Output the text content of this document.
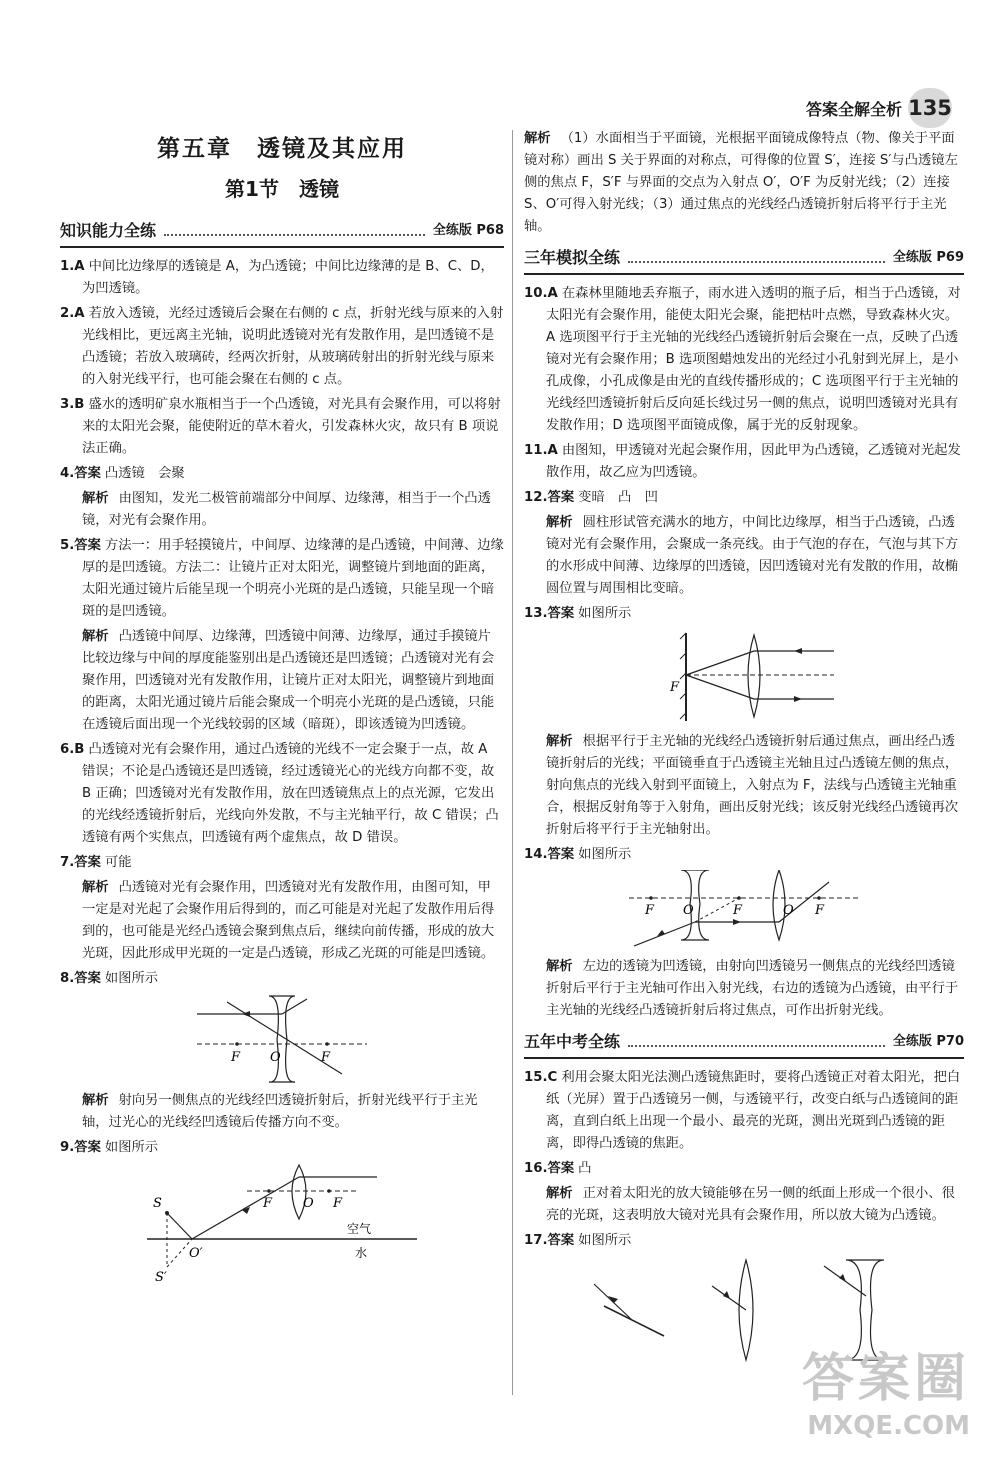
答案全解全析 135
第五章　透镜及其应用
第1节　透镜
知识能力全练	全练版 P68

1.A 中间比边缘厚的透镜是 A，为凸透镜；中间比边缘薄的是 B、C、D，为凹透镜。

2.A 若放入透镜，光经过透镜后会聚在右侧的 c 点，折射光线与原来的入射光线相比，更远离主光轴，说明此透镜对光有发散作用，是凹透镜不是凸透镜；若放入玻璃砖，经两次折射，从玻璃砖射出的折射光线与原来的入射光线平行，也可能会聚在右侧的 c 点。

3.B 盛水的透明矿泉水瓶相当于一个凸透镜，对光具有会聚作用，可以将射来的太阳光会聚，能使附近的草木着火，引发森林火灾，故只有 B 项说法正确。

4.答案 凸透镜　会聚

解析 由图知，发光二极管前端部分中间厚、边缘薄，相当于一个凸透镜，对光有会聚作用。

5.答案 方法一：用手轻摸镜片，中间厚、边缘薄的是凸透镜，中间薄、边缘厚的是凹透镜。方法二：让镜片正对太阳光，调整镜片到地面的距离，太阳光通过镜片后能呈现一个明亮小光斑的是凸透镜，只能呈现一个暗斑的是凹透镜。

解析 凸透镜中间厚、边缘薄，凹透镜中间薄、边缘厚，通过手摸镜片比较边缘与中间的厚度能鉴别出是凸透镜还是凹透镜；凸透镜对光有会聚作用，凹透镜对光有发散作用，让镜片正对太阳光，调整镜片到地面的距离，太阳光通过镜片后能会聚成一个明亮小光斑的是凸透镜，只能在透镜后面出现一个光线较弱的区域（暗斑），即该透镜为凹透镜。

6.B 凸透镜对光有会聚作用，通过凸透镜的光线不一定会聚于一点，故 A 错误；不论是凸透镜还是凹透镜，经过透镜光心的光线方向都不变，故 B 正确；凹透镜对光有发散作用，放在凹透镜焦点上的点光源，它发出的光线经透镜折射后，光线向外发散，不与主光轴平行，故 C 错误；凸透镜有两个实焦点，凹透镜有两个虚焦点，故 D 错误。

7.答案 可能

解析 凸透镜对光有会聚作用，凹透镜对光有发散作用，由图可知，甲一定是对光起了会聚作用后得到的，而乙可能是对光起了发散作用后得到的，也可能是光经凸透镜会聚到焦点后，继续向前传播，形成的放大光斑，因此形成甲光斑的一定是凸透镜，形成乙光斑的可能是凹透镜。

8.答案 如图所示

F O	F

解析 射向另一侧焦点的光线经凹透镜折射后，折射光线平行于主光轴，过光心的光线经凹透镜后传播方向不变。

9.答案 如图所示

S
S′
O′
F O F
空气
水

解析 （1）水面相当于平面镜，光根据平面镜成像特点（物、像关于平面镜对称）画出 S 关于界面的对称点，可得像的位置 S′，连接 S′与凸透镜左侧的焦点 F，S′F 与界面的交点为入射点 O′，O′F 为反射光线；（2）连接 S、O′可得入射光线；（3）通过焦点的光线经凸透镜折射后将平行于主光轴。

三年模拟全练	全练版 P69

10.A 在森林里随地丢弃瓶子，雨水进入透明的瓶子后，相当于凸透镜，对太阳光有会聚作用，能使太阳光会聚，能把枯叶点燃，导致森林火灾。A 选项图平行于主光轴的光线经凸透镜折射后会聚在一点，反映了凸透镜对光有会聚作用；B 选项图蜡烛发出的光经过小孔射到光屏上，是小孔成像，小孔成像是由光的直线传播形成的；C 选项图平行于主光轴的光线经凹透镜折射后反向延长线过另一侧的焦点，说明凹透镜对光具有发散作用；D 选项图平面镜成像，属于光的反射现象。

11.A 由图知，甲透镜对光起会聚作用，因此甲为凸透镜，乙透镜对光起发散作用，故乙应为凹透镜。

12.答案 变暗　凸　凹

解析 圆柱形试管充满水的地方，中间比边缘厚，相当于凸透镜，凸透镜对光有会聚作用，会聚成一条亮线。由于气泡的存在，气泡与其下方的水形成中间薄、边缘厚的凹透镜，因凹透镜对光有发散的作用，故椭圆位置与周围相比变暗。

13.答案 如图所示

F

解析 根据平行于主光轴的光线经凸透镜折射后通过焦点，画出经凸透镜折射后的光线；平面镜垂直于凸透镜主光轴且过凸透镜左侧的焦点，射向焦点的光线入射到平面镜上，入射点为 F，法线与凸透镜主光轴重合，根据反射角等于入射角，画出反射光线；该反射光线经凸透镜再次折射后将平行于主光轴射出。

14.答案 如图所示

F O	F	O F

解析 左边的透镜为凹透镜，由射向凹透镜另一侧焦点的光线经凹透镜折射后平行于主光轴可作出入射光线，右边的透镜为凸透镜，由平行于主光轴的光线经凸透镜折射后将过焦点，可作出折射光线。

五年中考全练	全练版 P70

15.C 利用会聚太阳光法测凸透镜焦距时，要将凸透镜正对着太阳光，把白纸（光屏）置于凸透镜另一侧，与透镜平行，改变白纸与凸透镜间的距离，直到白纸上出现一个最小、最亮的光斑，测出光斑到凸透镜的距离，即得凸透镜的焦距。

16.答案 凸

解析 正对着太阳光的放大镜能够在另一侧的纸面上形成一个很小、很亮的光斑，这表明放大镜对光具有会聚作用，所以放大镜为凸透镜。

17.答案 如图所示

答案圈
MXQE.COM
